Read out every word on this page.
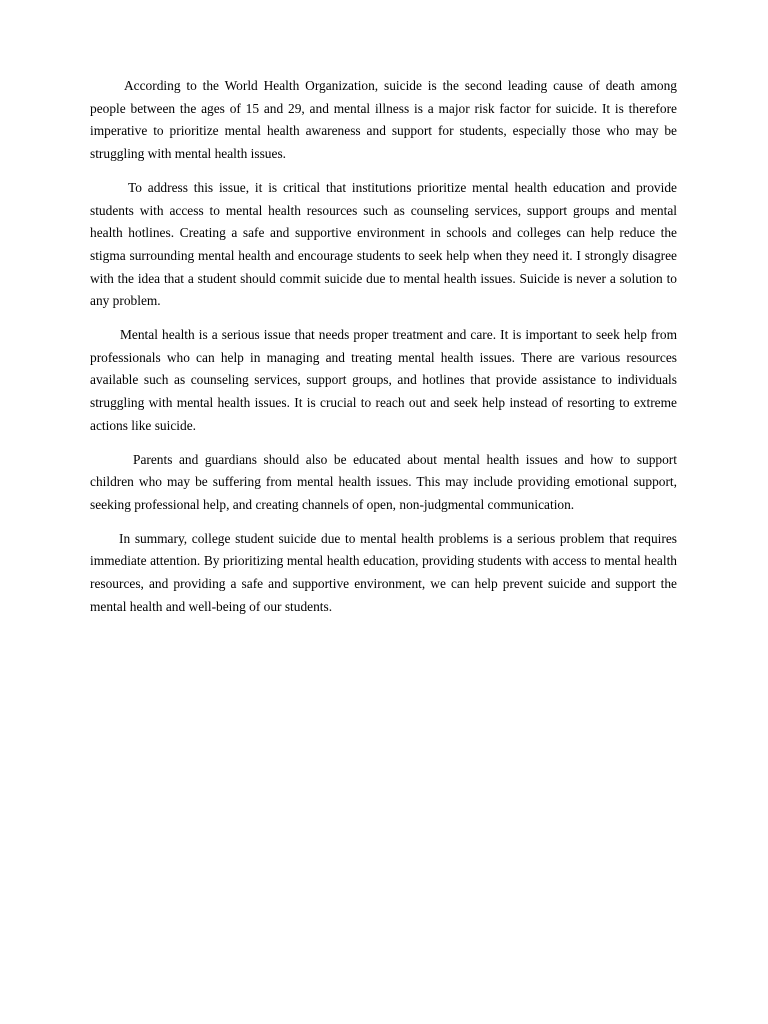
According to the World Health Organization, suicide is the second leading cause of death among people between the ages of 15 and 29, and mental illness is a major risk factor for suicide. It is therefore imperative to prioritize mental health awareness and support for students, especially those who may be struggling with mental health issues.

To address this issue, it is critical that institutions prioritize mental health education and provide students with access to mental health resources such as counseling services, support groups and mental health hotlines. Creating a safe and supportive environment in schools and colleges can help reduce the stigma surrounding mental health and encourage students to seek help when they need it. I strongly disagree with the idea that a student should commit suicide due to mental health issues. Suicide is never a solution to any problem.

Mental health is a serious issue that needs proper treatment and care. It is important to seek help from professionals who can help in managing and treating mental health issues. There are various resources available such as counseling services, support groups, and hotlines that provide assistance to individuals struggling with mental health issues. It is crucial to reach out and seek help instead of resorting to extreme actions like suicide.

Parents and guardians should also be educated about mental health issues and how to support children who may be suffering from mental health issues. This may include providing emotional support, seeking professional help, and creating channels of open, non-judgmental communication.

In summary, college student suicide due to mental health problems is a serious problem that requires immediate attention. By prioritizing mental health education, providing students with access to mental health resources, and providing a safe and supportive environment, we can help prevent suicide and support the mental health and well-being of our students.
